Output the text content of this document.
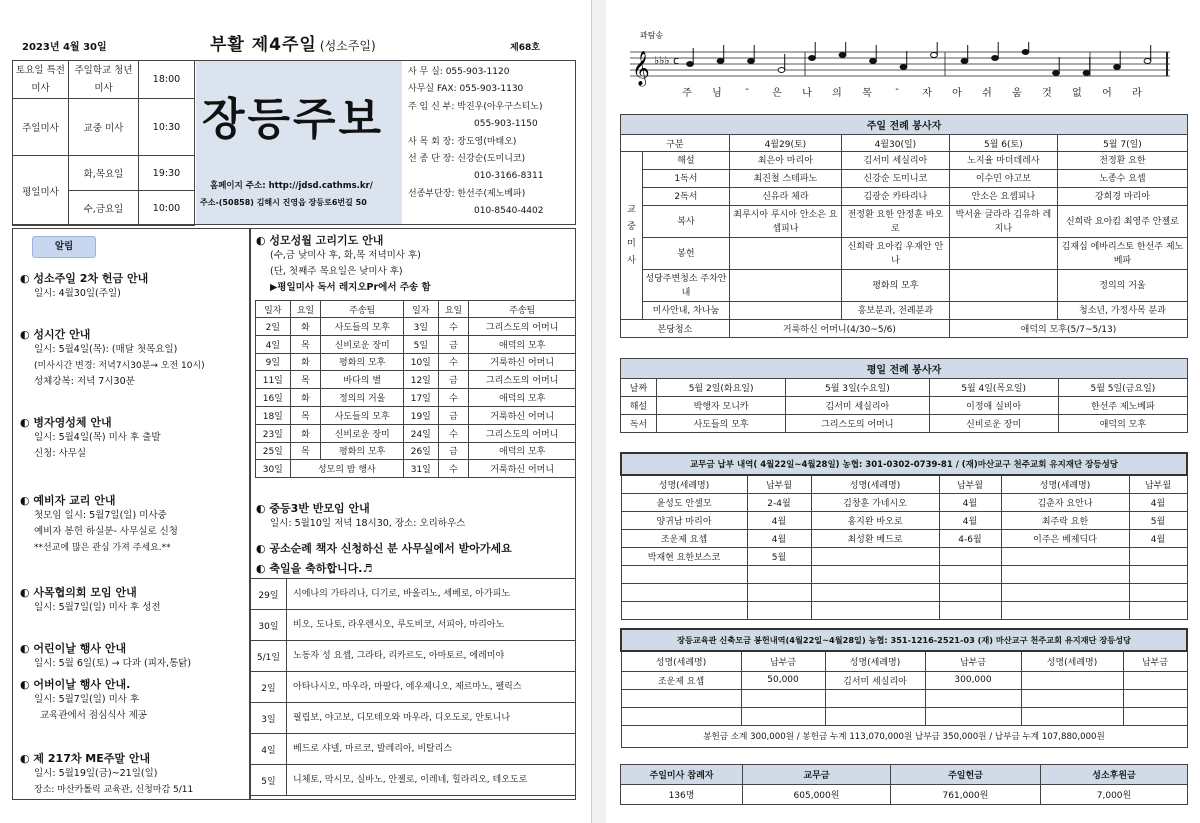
2023년 4월 30일	부활 제4주일 (성소주일)	제68호
토요일 특전미사	주일학교 청년미사	18:00
주일미사	교중 미사	10:30
평일미사	화,목요일	19:30
	수,금요일	10:00
장등주보
홈페이지 주소: http://jdsd.cathms.kr/
주소-(50858) 김해시 진영읍 장등로6번길 50
사 무 실: 055-903-1120
사무실 FAX: 055-903-1130
주 임 신 부: 박진우(아우구스티노)
055-903-1150
사 목 회 장: 장도영(마태오)
선 종 단 장: 신강순(도미니코)
010-3166-8311
선종부단장: 한선주(제노베파)
010-8540-4402
알림
◐ 성소주일 2차 헌금 안내
일시: 4월30일(주일)
◐ 성시간 안내
일시: 5월4일(목): (매달 첫목요일)
(미사시간 변경: 저녁7시30분→ 오전 10시)
성체강복: 저녁 7시30분
◐ 병자영성체 안내
일시: 5월4일(목) 미사 후 출발
신청: 사무실
◐ 예비자 교리 안내
첫모임 일시: 5월7일(일) 미사중
예비자 봉헌 하실분- 사무실로 신청
**선교에 많은 관심 가져 주세요.**
◐ 사목협의회 모임 안내
일시: 5월7일(일) 미사 후 성전
◐ 어린이날 행사 안내
일시: 5월 6일(토) → 다과 (피자,통닭)
◐ 어버이날 행사 안내.
일시: 5월7일(일) 미사 후
교육관에서 점심식사 제공
◐ 제 217차 ME주말 안내
일시: 5월19일(금)~21일(일)
장소: 마산카톨릭 교육관, 신청마감 5/11
◐ 성모성월 고리기도 안내
(수,금 낮미사 후, 화,목 저녁미사 후)
(단, 첫째주 목요일은 낮미사 후)
▶평일미사 독서 레지오Pr에서 주송 함
일자	요일	주송팀	일자	요일	주송팀
2일	화	사도들의 모후	3일	수	그리스도의 어머니
4일	목	신비로운 장미	5일	금	애덕의 모후
9일	화	평화의 모후	10일	수	거룩하신 어머니
11일	목	바다의 별	12일	금	그리스도의 어머니
16일	화	정의의 거울	17일	수	애덕의 모후
18일	목	사도들의 모후	19일	금	거룩하신 어머니
23일	화	신비로운 장미	24일	수	그리스도의 어머니
25일	목	평화의 모후	26일	금	애덕의 모후
30일	성모의 밤 행사		31일	수	거룩하신 어머니
◐ 중등3반 반모임 안내
일시: 5월10일 저녁 18시30, 장소: 오리하우스
◐ 공소순례 책자 신청하신 분 사무실에서 받아가세요
◐ 축일을 축하합니다.♬
29일	시에나의 가타리나, 디기로, 바올리노, 세베로, 아가피노
30일	비오, 도나토, 라우렌시오, 루도비코, 서피아, 마리아노
5/1일	노동자 성 요셉, 그라타, 리카르도, 아마토르, 에레미야
2일	아타나시오, 마우라, 마팔다, 에우제니오, 제르마노, 펠릭스
3일	필립보, 야고보, 디모테오와 마우라, 디오도로, 안토니나
4일	베드로 샤넬, 마르코, 발레리아, 비탈리스
5일	니체토, 막시모, 실바노, 안젤로, 이레네, 힐라리오, 테오도로
꽈탐송
𝄞 ♭♭♭ c
주	님	-	은	나	의	목	-	자	아	쉬	움	것	없	어	라
주일 전례 봉사자					
구분		4월29(토)	4월30(일)	5월 6(토)	5월 7(일)
교중미사	해설	최은아 마리아	김서미 세실리아	노지율 마더데레사	전정환 요한
	1독서	최진철 스테파노	신강순 도미니코	이수민 야고보	노종수 요셉
	2독서	신유라 체라	김광순 카타리나	안소은 요셉피나	강희경 마리아
	복사	최루시아 루시아 안소은 요셉피나	전정환 요한 안정훈 바오로	박서윤 글라라 김유하 레지나	신희락 요아킴 최영주 안젤로
	봉헌		신희락 요아킴 우재안 안나		김재십 에바리스토 한선주 제노베파
	성당주변청소 주차안내		평화의 모후		정의의 거울
	미사안내, 차나눔		흥보분과, 전례분과		청소년, 가정사목 분과
본당청소		거룩하신 어머니(4/30~5/6)		애덕의 모후(5/7~5/13)	
평일 전례 봉사자				
날짜	5월 2일(화요일)	5월 3일(수요일)	5월 4일(목요일)	5월 5일(금요일)
해설	박행자 모니카	김서미 세실리아	이정애 실비아	한선주 제노베파
독서	사도들의 모후	그리스도의 어머니	신비로운 장미	애덕의 모후
교무금 납부 내역( 4월22일~4월28일) 농협: 301-0302-0739-81 / (재)마산교구 천주교회 유지재단 장등성당					
성명(세례명)	납부월	성명(세례명)	납부월	성명(세례명)	납부월
윤성도 안셀모	2-4월	김창훈 가네시오	4월	김춘자 요안나	4월
양귀남 마리아	4월	홍지완 바오로	4월	최주락 요한	5월
조운제 요셉	4월	최성환 베드로	4-6월	이주은 베제딕다	4월
박재현 요한보스코	5월				

장등교육관 신축모금 봉헌내역(4월22일~4월28일) 농협: 351-1216-2521-03 (재) 마산교구 천주교회 유지재단 장등성당					
성명(세례명)	납부금	성명(세례명)	납부금	성명(세례명)	납부금
조운제 요셉	50,000	김서미 세실리아	300,000		

봉헌금 소계 300,000원 / 봉헌금 누계 113,070,000원 납부금 350,000원 / 납부금 누계 107,880,000원					
주일미사 참례자	교무금	주일헌금	성소후원금
136명	605,000원	761,000원	7,000원
